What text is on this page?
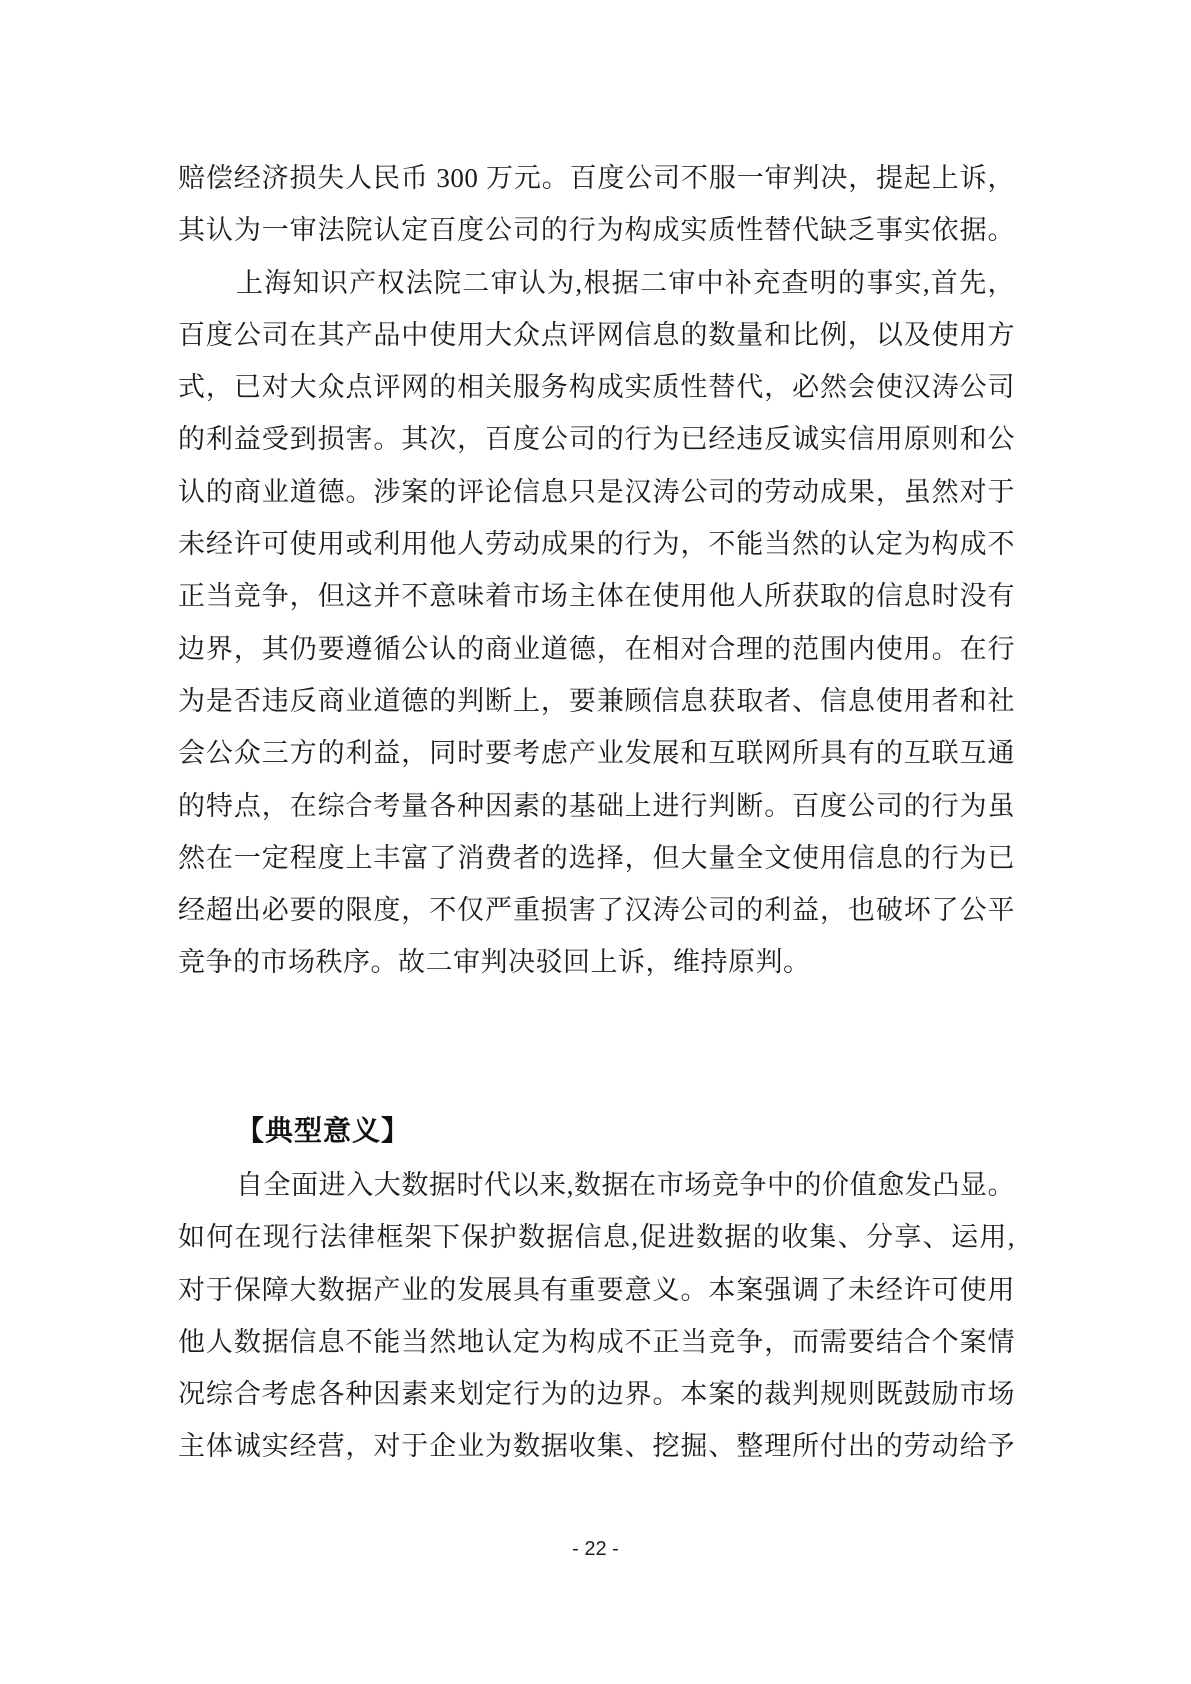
赔偿经济损失人民币 300 万元。百度公司不服一审判决，提起上诉，
其认为一审法院认定百度公司的行为构成实质性替代缺乏事实依据。
上海知识产权法院二审认为,根据二审中补充查明的事实,首先，
百度公司在其产品中使用大众点评网信息的数量和比例，以及使用方
式，已对大众点评网的相关服务构成实质性替代，必然会使汉涛公司
的利益受到损害。其次，百度公司的行为已经违反诚实信用原则和公
认的商业道德。涉案的评论信息只是汉涛公司的劳动成果，虽然对于
未经许可使用或利用他人劳动成果的行为，不能当然的认定为构成不
正当竞争，但这并不意味着市场主体在使用他人所获取的信息时没有
边界，其仍要遵循公认的商业道德，在相对合理的范围内使用。在行
为是否违反商业道德的判断上，要兼顾信息获取者、信息使用者和社
会公众三方的利益，同时要考虑产业发展和互联网所具有的互联互通
的特点，在综合考量各种因素的基础上进行判断。百度公司的行为虽
然在一定程度上丰富了消费者的选择，但大量全文使用信息的行为已
经超出必要的限度，不仅严重损害了汉涛公司的利益，也破坏了公平
竞争的市场秩序。故二审判决驳回上诉，维持原判。
【典型意义】
自全面进入大数据时代以来,数据在市场竞争中的价值愈发凸显。
如何在现行法律框架下保护数据信息,促进数据的收集、分享、运用,
对于保障大数据产业的发展具有重要意义。本案强调了未经许可使用
他人数据信息不能当然地认定为构成不正当竞争，而需要结合个案情
况综合考虑各种因素来划定行为的边界。本案的裁判规则既鼓励市场
主体诚实经营，对于企业为数据收集、挖掘、整理所付出的劳动给予
- 22 -
